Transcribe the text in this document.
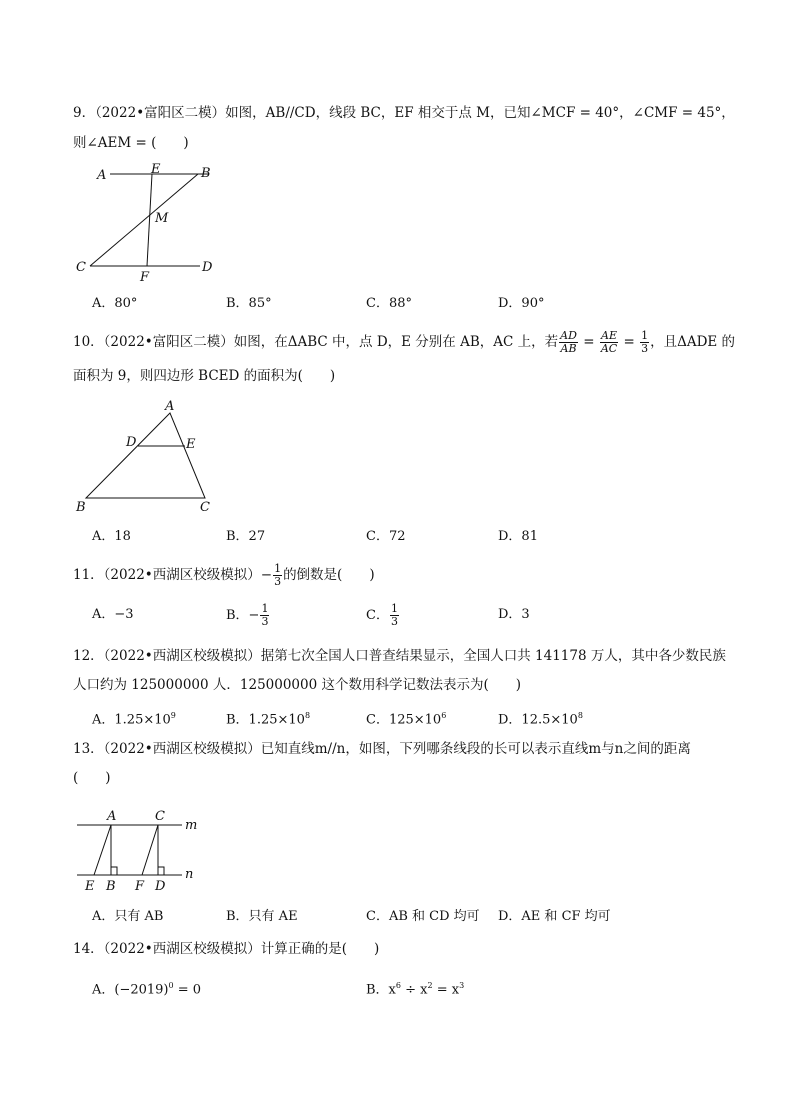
9．（2022•富阳区二模）如图，AB//CD，线段 BC，EF 相交于点 M，已知∠MCF = 40°，∠CMF = 45°，
则∠AEM = (　　)
A	E	B
M
C
F
D
A．80°	B．85°	C．88°	D．90°
10．（2022•富阳区二模）如图，在ΔABC 中，点 D，E 分别在 AB，AC 上，若 $\frac{AD}{AB} = \frac{AE}{AC} = \frac{1}{3}$ ，且ΔADE 的
面积为 9，则四边形 BCED 的面积为(　　)
A
D	E
B	C
A．18	B．27	C．72	D．81
11．（2022•西湖区校级模拟）− $\frac{1}{3}$ 的倒数是(　　)
A．−3	B．− $\frac{1}{3}$	C． $\frac{1}{3}$	D．3
12．（2022•西湖区校级模拟）据第七次全国人口普查结果显示，全国人口共 141178 万人，其中各少数民族
人口约为 125000000 人．125000000 这个数用科学记数法表示为(　　)
A．$1.25\times 10^9$	B．$1.25\times 10^8$	C．$125\times 10^6$	D．$12.5\times 10^8$
13．（2022•西湖区校级模拟）已知直线m//n，如图，下列哪条线段的长可以表示直线m与n之间的距离
(　　)
A	C
m
n
E B F D
A．只有 AB	B．只有 AE	C．AB 和 CD 均可 D．AE 和 CF 均可
14．（2022•西湖区校级模拟）计算正确的是(　　)
A．$(-2019)^0 = 0$	B．$x^6 \div x^2 = x^3$
